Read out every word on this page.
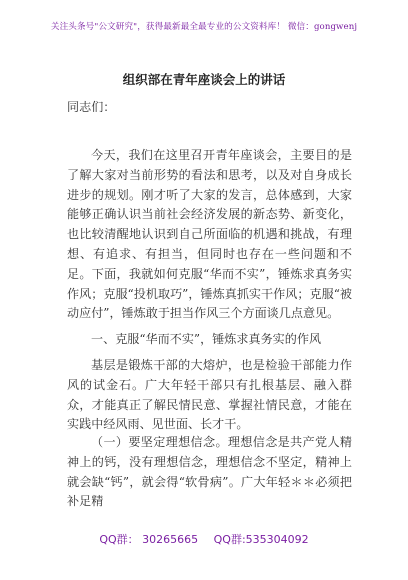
关注头条号"公文研究"，获得最新最全最专业的公文资料库！ 微信：gongwenj
组织部在青年座谈会上的讲话

同志们：

今天，我们在这里召开青年座谈会，主要目的是了解大家对当前形势的看法和思考，以及对自身成长进步的规划。刚才听了大家的发言，总体感到，大家能够正确认识当前社会经济发展的新态势、新变化，也比较清醒地认识到自己所面临的机遇和挑战，有理想、有追求、有担当，但同时也存在一些问题和不足。下面，我就如何克服“华而不实”，锤炼求真务实作风；克服“投机取巧”，锤炼真抓实干作风；克服“被动应付”，锤炼敢于担当作风三个方面谈几点意见。

一、克服“华而不实”，锤炼求真务实的作风

基层是锻炼干部的大熔炉，也是检验干部能力作风的试金石。广大年轻干部只有扎根基层、融入群众，才能真正了解民情民意、掌握社情民意，才能在实践中经风雨、见世面、长才干。

（一）要坚定理想信念。理想信念是共产党人精神上的钙，没有理想信念，理想信念不坚定，精神上就会缺“钙”，就会得“软骨病”。广大年轻＊＊必须把补足精

QQ群： 30265665 QQ群:535304092
